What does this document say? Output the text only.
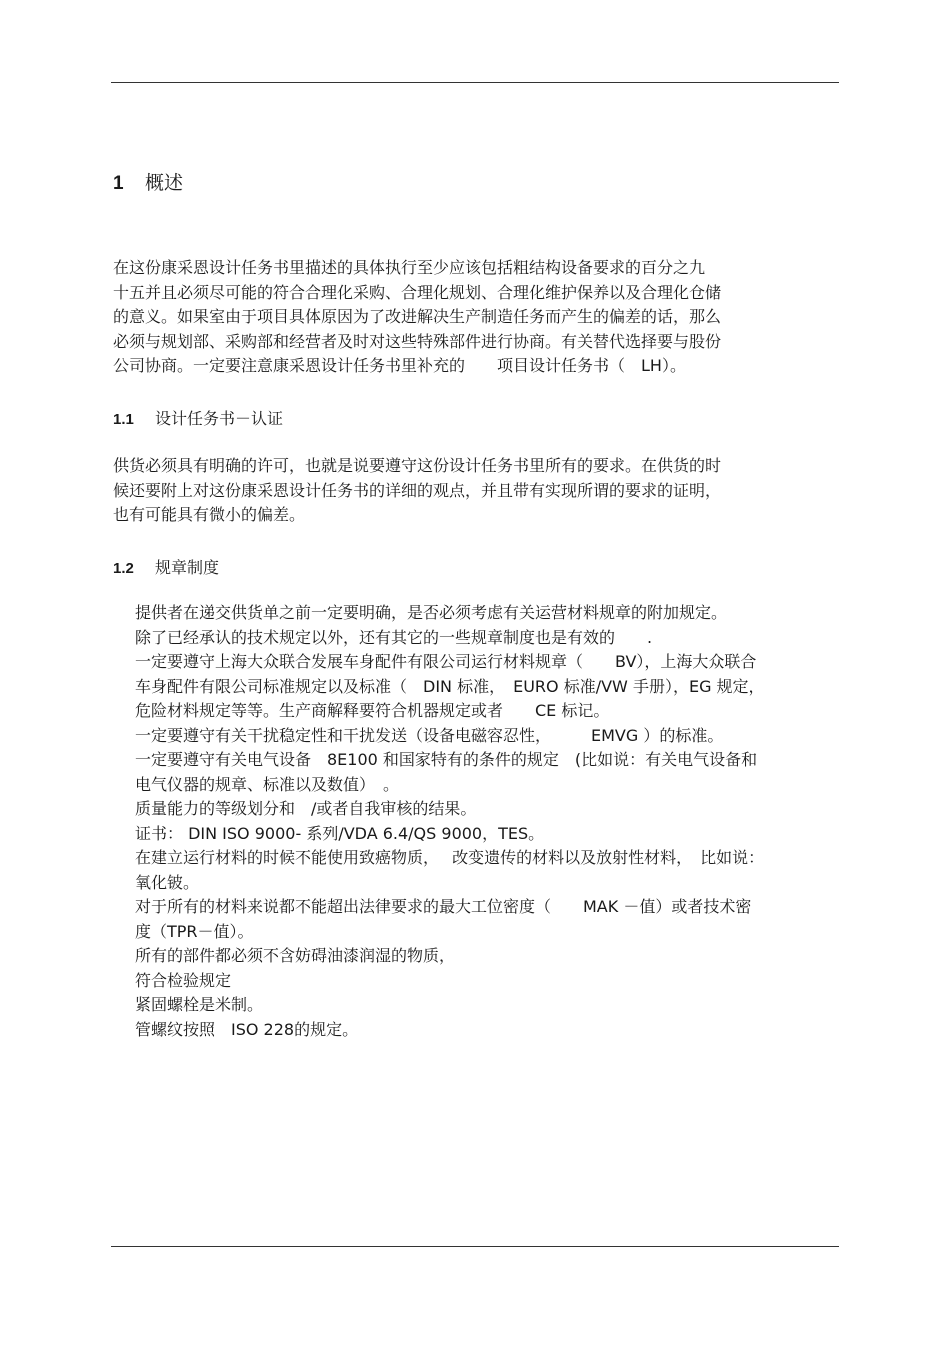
1 概述
在这份康采恩设计任务书里描述的具体执行至少应该包括粗结构设备要求的百分之九
十五并且必须尽可能的符合合理化采购、合理化规划、合理化维护保养以及合理化仓储
的意义。如果室由于项目具体原因为了改进解决生产制造任务而产生的偏差的话，那么
必须与规划部、采购部和经营者及时对这些特殊部件进行协商。有关替代选择要与股份
公司协商。一定要注意康采恩设计任务书里补充的　　项目设计任务书（　LH）。
1.1 设计任务书－认证
供货必须具有明确的许可，也就是说要遵守这份设计任务书里所有的要求。在供货的时
候还要附上对这份康采恩设计任务书的详细的观点，并且带有实现所谓的要求的证明，
也有可能具有微小的偏差。
1.2 规章制度
提供者在递交供货单之前一定要明确，是否必须考虑有关运营材料规章的附加规定。
除了已经承认的技术规定以外，还有其它的一些规章制度也是有效的　　.
一定要遵守上海大众联合发展车身配件有限公司运行材料规章（　　BV），上海大众联合
车身配件有限公司标准规定以及标准（　DIN 标准，　EURO 标准/VW 手册），EG 规定，
危险材料规定等等。生产商解释要符合机器规定或者　　CE 标记。
一定要遵守有关干扰稳定性和干扰发送（设备电磁容忍性，　　　EMVG ）的标准。
一定要遵守有关电气设备　8E100 和国家特有的条件的规定　(比如说：有关电气设备和
电气仪器的规章、标准以及数值）　。
质量能力的等级划分和　/或者自我审核的结果。
证书： DIN ISO 9000- 系列/VDA 6.4/QS 9000，TES。
在建立运行材料的时候不能使用致癌物质，　 改变遗传的材料以及放射性材料，　比如说：
氧化铍。
对于所有的材料来说都不能超出法律要求的最大工位密度（　　MAK －值）或者技术密
度（TPR－值）。
所有的部件都必须不含妨碍油漆润湿的物质，
符合检验规定
紧固螺栓是米制。
管螺纹按照　ISO 228的规定。
